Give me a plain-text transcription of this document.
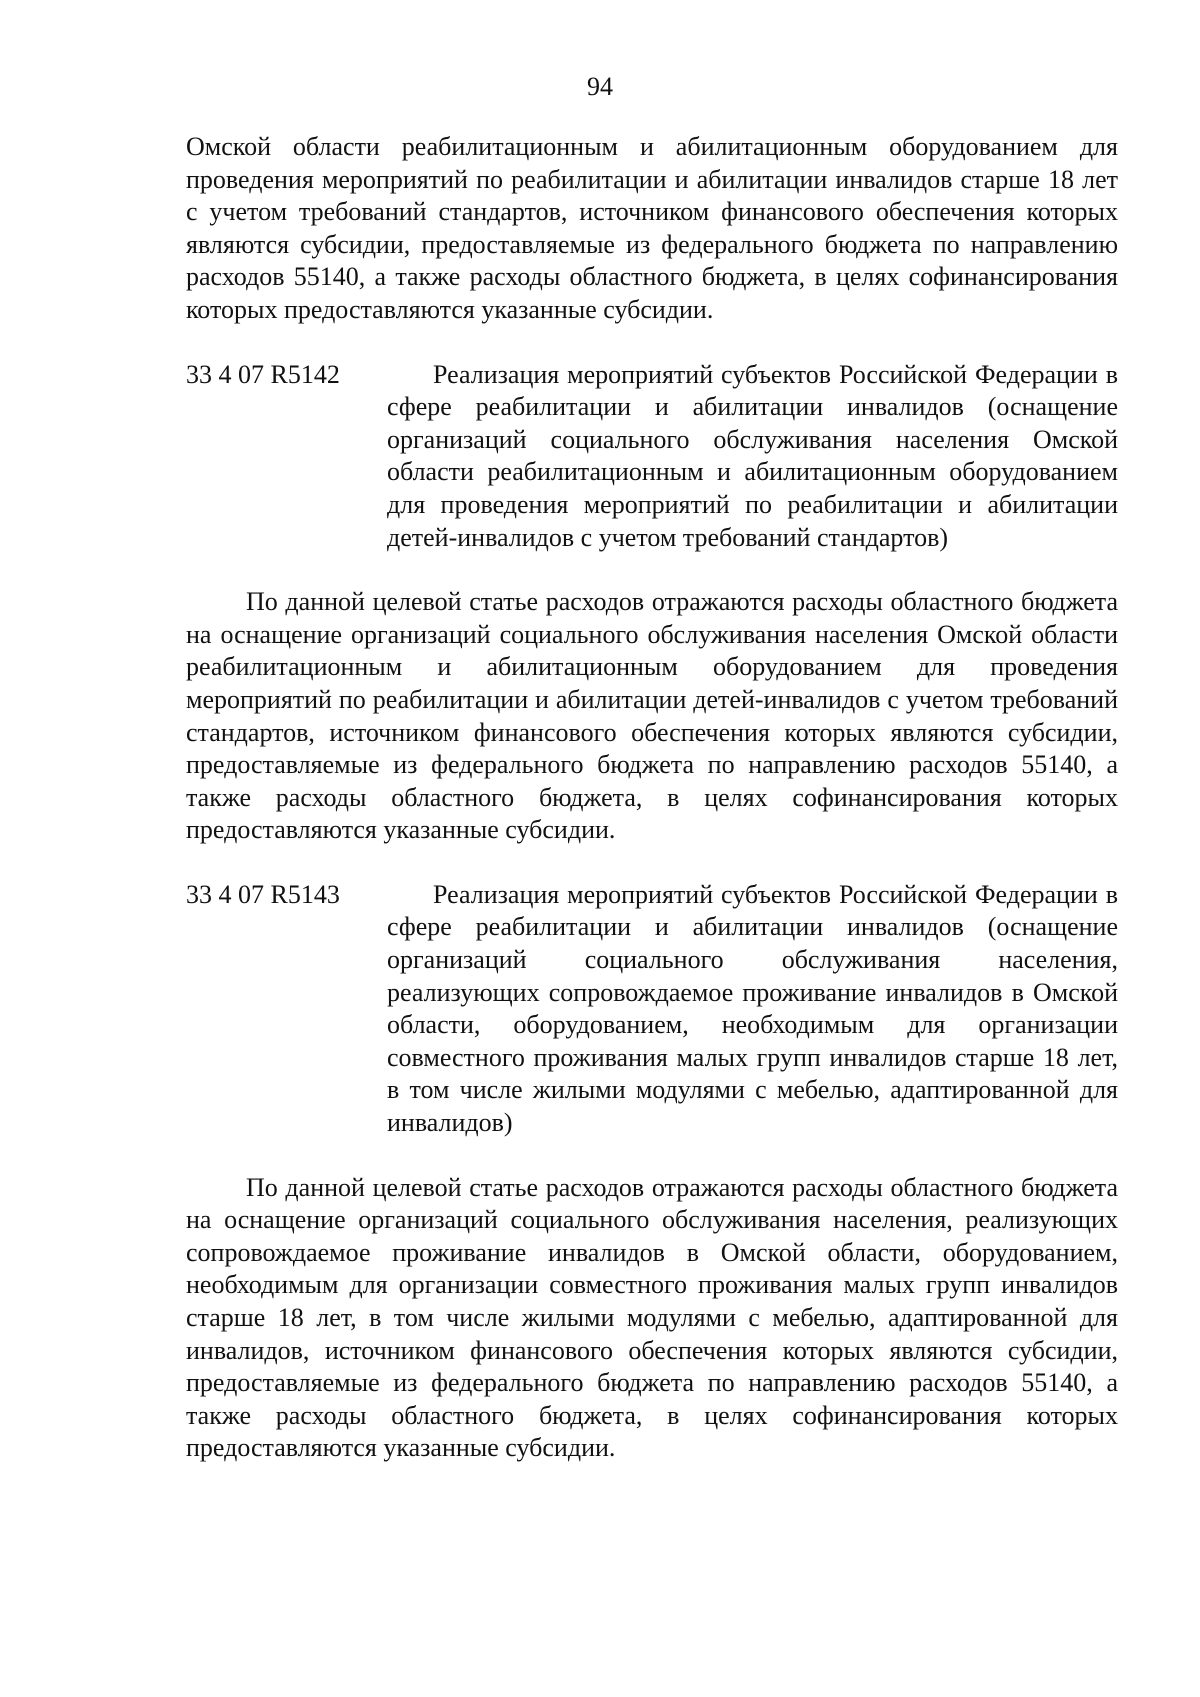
94

Омской области реабилитационным и абилитационным оборудованием для проведения мероприятий по реабилитации и абилитации инвалидов старше 18 лет с учетом требований стандартов, источником финансового обеспечения которых являются субсидии, предоставляемые из федерального бюджета по направлению расходов 55140, а также расходы областного бюджета, в целях софинансирования которых предоставляются указанные субсидии.

33 4 07 R5142	Реализация мероприятий субъектов Российской Федерации в сфере реабилитации и абилитации инвалидов (оснащение организаций социального обслуживания населения Омской области реабилитационным и абилитационным оборудованием для проведения мероприятий по реабилитации и абилитации детей-инвалидов с учетом требований стандартов)

По данной целевой статье расходов отражаются расходы областного бюджета на оснащение организаций социального обслуживания населения Омской области реабилитационным и абилитационным оборудованием для проведения мероприятий по реабилитации и абилитации детей-инвалидов с учетом требований стандартов, источником финансового обеспечения которых являются субсидии, предоставляемые из федерального бюджета по направлению расходов 55140, а также расходы областного бюджета, в целях софинансирования которых предоставляются указанные субсидии.

33 4 07 R5143	Реализация мероприятий субъектов Российской Федерации в сфере реабилитации и абилитации инвалидов (оснащение организаций социального обслуживания населения, реализующих сопровождаемое проживание инвалидов в Омской области, оборудованием, необходимым для организации совместного проживания малых групп инвалидов старше 18 лет, в том числе жилыми модулями с мебелью, адаптированной для инвалидов)

По данной целевой статье расходов отражаются расходы областного бюджета на оснащение организаций социального обслуживания населения, реализующих сопровождаемое проживание инвалидов в Омской области, оборудованием, необходимым для организации совместного проживания малых групп инвалидов старше 18 лет, в том числе жилыми модулями с мебелью, адаптированной для инвалидов, источником финансового обеспечения которых являются субсидии, предоставляемые из федерального бюджета по направлению расходов 55140, а также расходы областного бюджета, в целях софинансирования которых предоставляются указанные субсидии.
